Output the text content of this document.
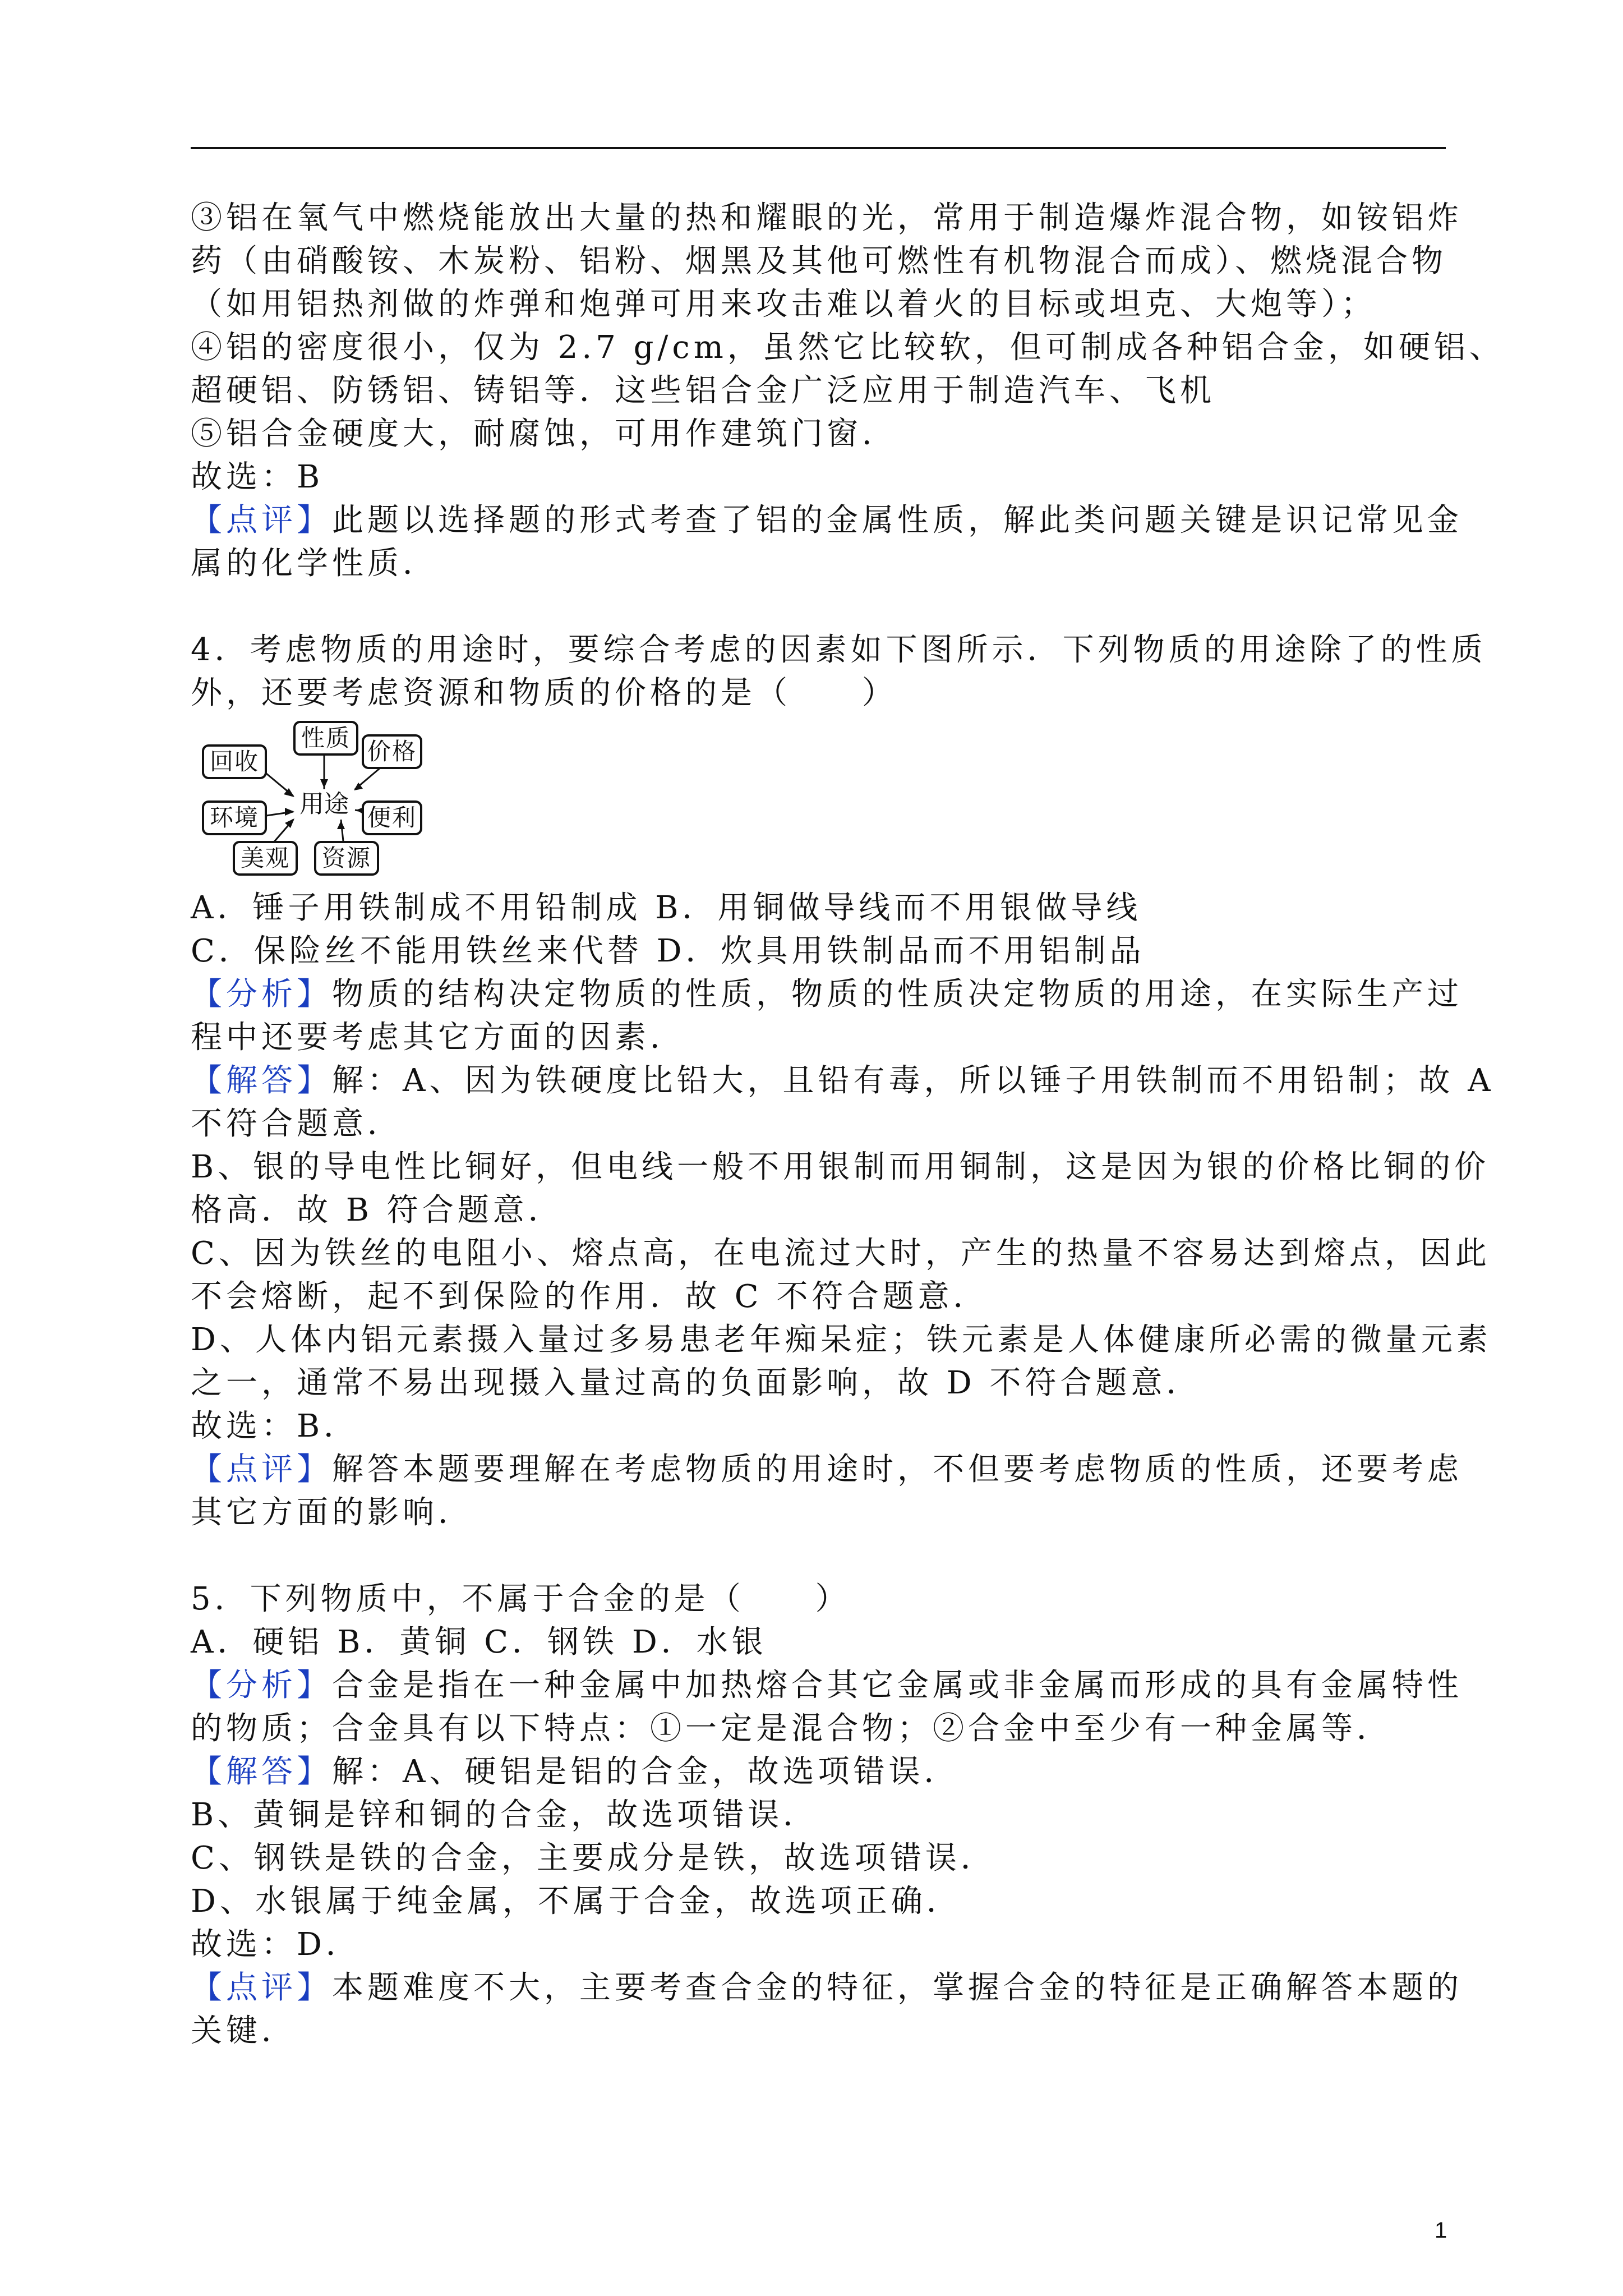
③铝在氧气中燃烧能放出大量的热和耀眼的光，常用于制造爆炸混合物，如铵铝炸
药（由硝酸铵、木炭粉、铝粉、烟黑及其他可燃性有机物混合而成）、燃烧混合物
（如用铝热剂做的炸弹和炮弹可用来攻击难以着火的目标或坦克、大炮等）；
④铝的密度很小，仅为 2.7 g/cm，虽然它比较软，但可制成各种铝合金，如硬铝、
超硬铝、防锈铝、铸铝等．这些铝合金广泛应用于制造汽车、飞机
⑤铝合金硬度大，耐腐蚀，可用作建筑门窗．
故选：B
【点评】此题以选择题的形式考查了铝的金属性质，解此类问题关键是识记常见金
属的化学性质．
4．考虑物质的用途时，要综合考虑的因素如下图所示．下列物质的用途除了的性质
外，还要考虑资源和物质的价格的是（　　）
回收
性质 价格
环境	用途 便利
美观	资源
A．锤子用铁制成不用铅制成 B．用铜做导线而不用银做导线
C．保险丝不能用铁丝来代替 D．炊具用铁制品而不用铝制品
【分析】物质的结构决定物质的性质，物质的性质决定物质的用途，在实际生产过
程中还要考虑其它方面的因素．
【解答】解：A、因为铁硬度比铅大，且铅有毒，所以锤子用铁制而不用铅制；故 A
不符合题意．
B、银的导电性比铜好，但电线一般不用银制而用铜制，这是因为银的价格比铜的价
格高．故 B 符合题意．
C、因为铁丝的电阻小、熔点高，在电流过大时，产生的热量不容易达到熔点，因此
不会熔断，起不到保险的作用．故 C 不符合题意．
D、人体内铝元素摄入量过多易患老年痴呆症；铁元素是人体健康所必需的微量元素
之一，通常不易出现摄入量过高的负面影响，故 D 不符合题意．
故选：B．
【点评】解答本题要理解在考虑物质的用途时，不但要考虑物质的性质，还要考虑
其它方面的影响．
5．下列物质中，不属于合金的是（　　）
A．硬铝 B．黄铜 C．钢铁 D．水银
【分析】合金是指在一种金属中加热熔合其它金属或非金属而形成的具有金属特性
的物质；合金具有以下特点：①一定是混合物；②合金中至少有一种金属等．
【解答】解：A、硬铝是铝的合金，故选项错误．
B、黄铜是锌和铜的合金，故选项错误．
C、钢铁是铁的合金，主要成分是铁，故选项错误．
D、水银属于纯金属，不属于合金，故选项正确．
故选：D．
【点评】本题难度不大，主要考查合金的特征，掌握合金的特征是正确解答本题的
关键．
1
